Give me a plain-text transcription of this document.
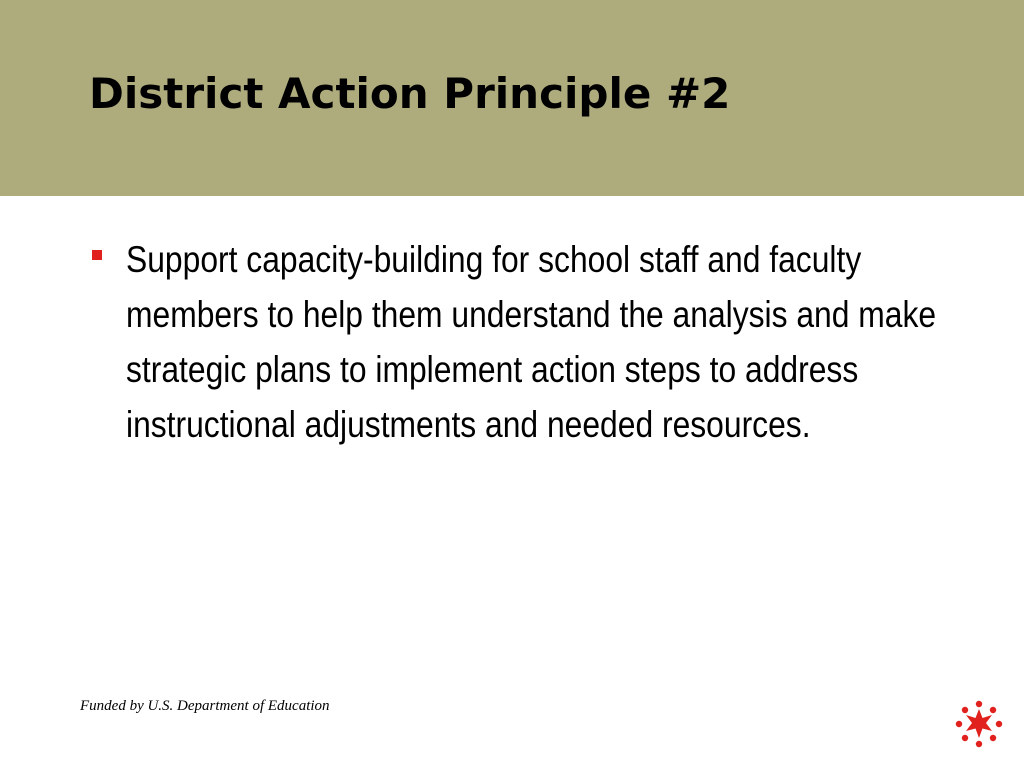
District Action Principle #2
Support capacity-building for school staff and faculty members to help them understand the analysis and make strategic plans to implement action steps to address instructional adjustments and needed resources.
Funded by U.S. Department of Education
